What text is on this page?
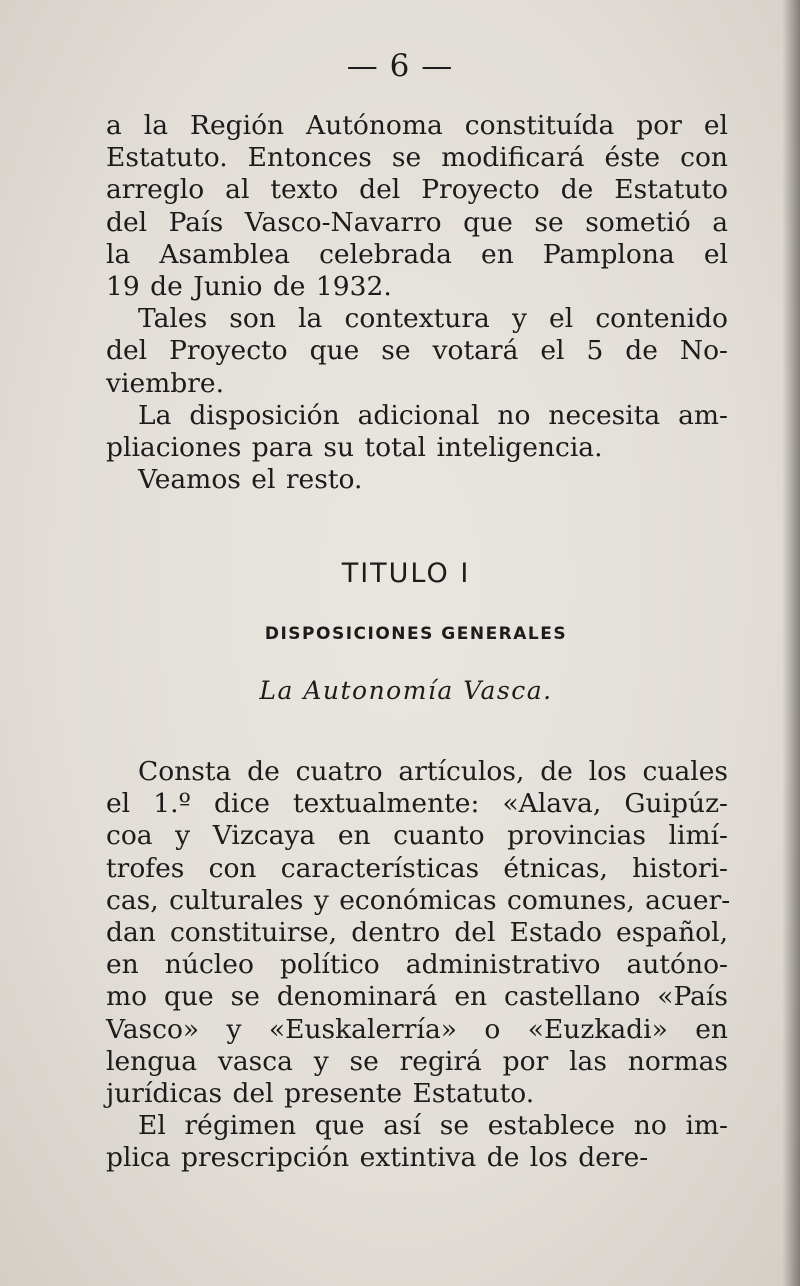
— 6 —
a la Región Autónoma constituída por el
Estatuto. Entonces se modificará éste con
arreglo al texto del Proyecto de Estatuto
del País Vasco-Navarro que se sometió a
la Asamblea celebrada en Pamplona el
19 de Junio de 1932.
Tales son la contextura y el contenido
del Proyecto que se votará el 5 de No-
viembre.
La disposición adicional no necesita am-
pliaciones para su total inteligencia.
Veamos el resto.
TITULO I
DISPOSICIONES GENERALES
La Autonomía Vasca.
Consta de cuatro artículos, de los cuales
el 1.º dice textualmente: «Alava, Guipúz-
coa y Vizcaya en cuanto provincias limí-
trofes con características étnicas, histori-
cas, culturales y económicas comunes, acuer-
dan constituirse, dentro del Estado español,
en núcleo político administrativo autóno-
mo que se denominará en castellano «País
Vasco» y «Euskalerría» o «Euzkadi» en
lengua vasca y se regirá por las normas
jurídicas del presente Estatuto.
El régimen que así se establece no im-
plica prescripción extintiva de los dere-
